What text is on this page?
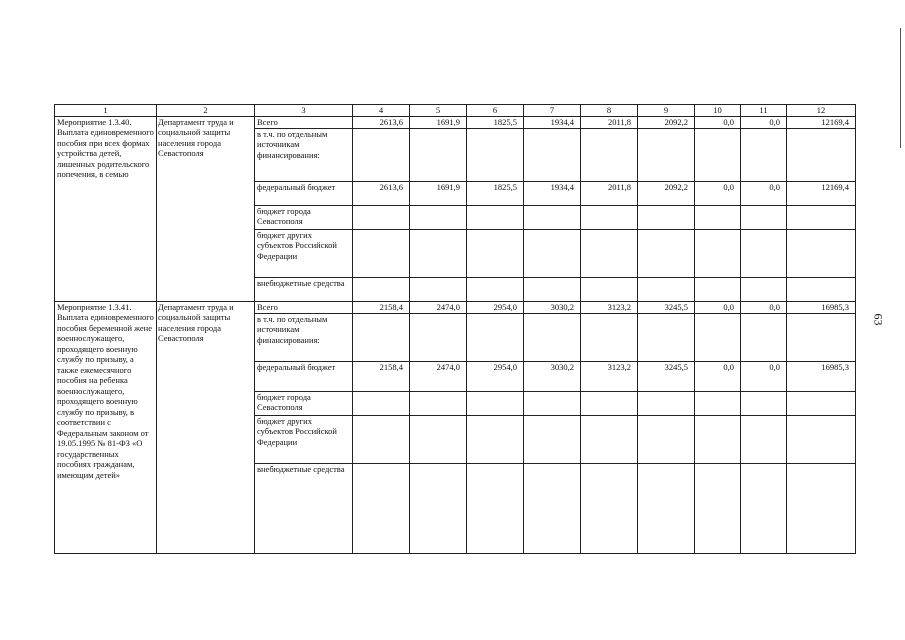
63
1	2	3	4	5	6	7	8	9	10	11	12
Мероприятие 1.3.40. Выплата единовременного пособия при всех формах устройства детей, лишенных родительского попечения, в семью	Департамент труда и социальной защиты населения города Севастополя	Всего	2613,6	1691,9	1825,5	1934,4	2011,8	2092,2	0,0	0,0	12169,4
		в т.ч. по отдельным источникам финансирования:									
		федеральный бюджет	2613,6	1691,9	1825,5	1934,4	2011,8	2092,2	0,0	0,0	12169,4
		бюджет города Севастополя									
		бюджет других субъектов Российской Федерации									
		внебюджетные средства									
Мероприятие 1.3.41. Выплата единовременного пособия беременной жене военнослужащего, проходящего военную службу по призыву, а также ежемесячного пособия на ребенка военнослужащего, проходящего военную службу по призыву, в соответствии с Федеральным законом от 19.05.1995 № 81-ФЗ «О государственных пособиях гражданам, имеющим детей»	Департамент труда и социальной защиты населения города Севастополя	Всего	2158,4	2474,0	2954,0	3030,2	3123,2	3245,5	0,0	0,0	16985,3
		в т.ч. по отдельным источникам финансирования:									
		федеральный бюджет	2158,4	2474,0	2954,0	3030,2	3123,2	3245,5	0,0	0,0	16985,3
		бюджет города Севастополя									
		бюджет других субъектов Российской Федерации									
		внебюджетные средства									
